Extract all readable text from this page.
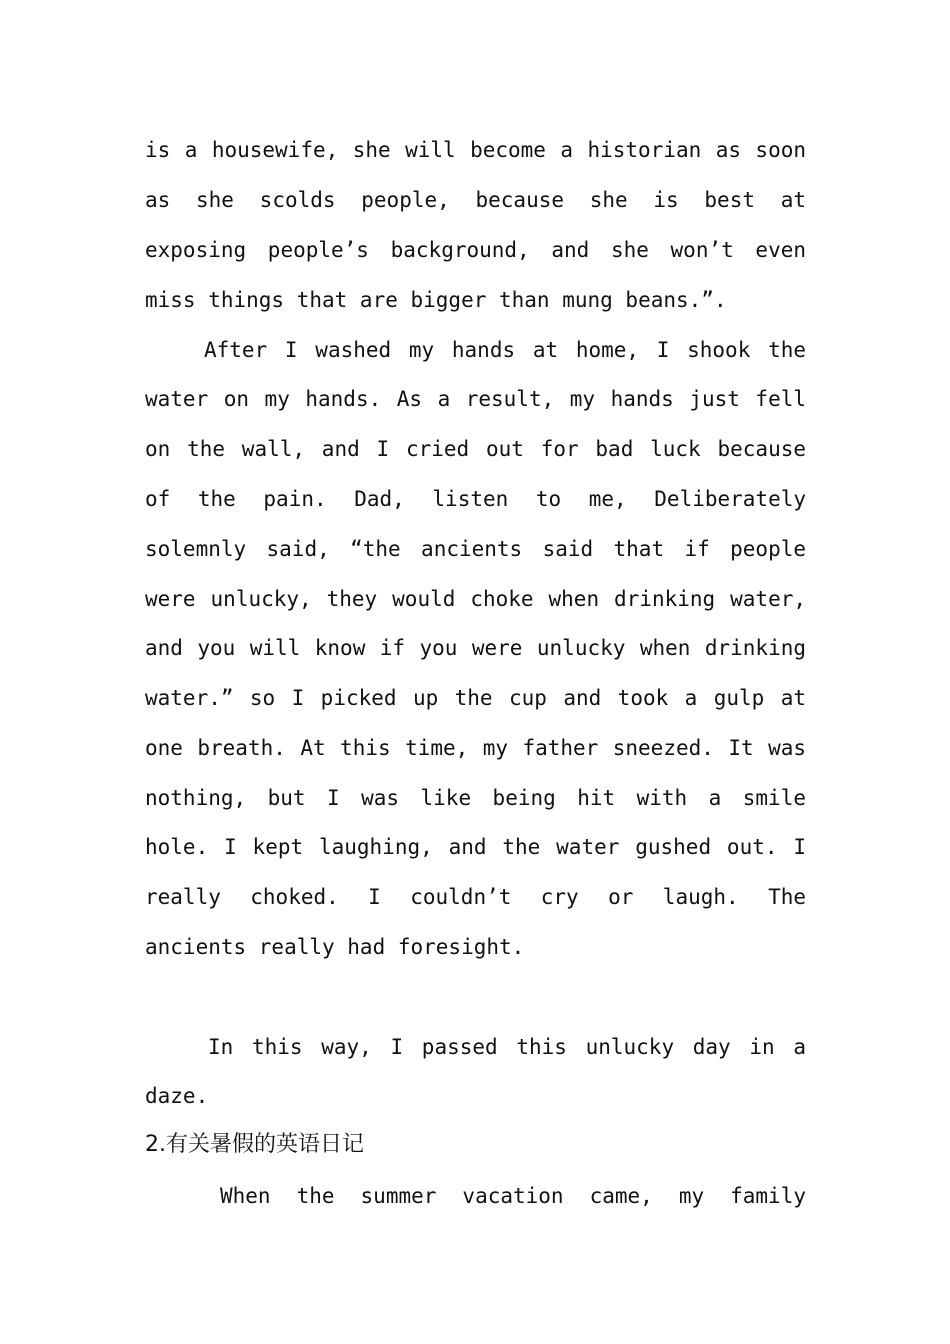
is a housewife, she will become a historian as soon
as she scolds people, because she is best at
exposing people’s background, and she won’t even
miss things that are bigger than mung beans.”.
After I washed my hands at home, I shook the
water on my hands. As a result, my hands just fell
on the wall, and I cried out for bad luck because
of the pain. Dad, listen to me, Deliberately
solemnly said, “the ancients said that if people
were unlucky, they would choke when drinking water,
and you will know if you were unlucky when drinking
water.” so I picked up the cup and took a gulp at
one breath. At this time, my father sneezed. It was
nothing, but I was like being hit with a smile
hole. I kept laughing, and the water gushed out. I
really choked. I couldn’t cry or laugh. The
ancients really had foresight.
In this way, I passed this unlucky day in a
daze.
2.有关暑假的英语日记
When the summer vacation came, my family
